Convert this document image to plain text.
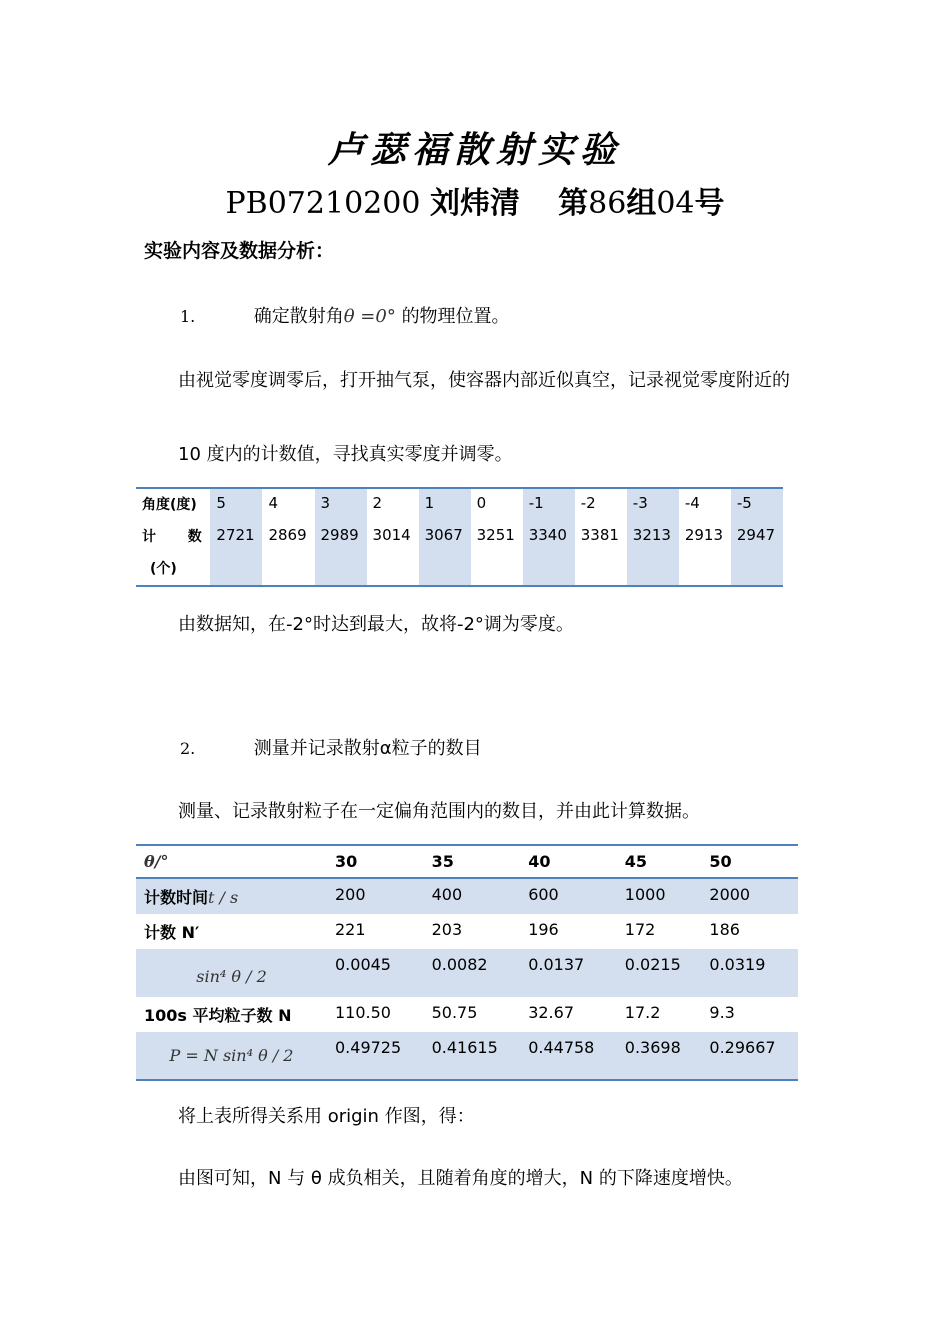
卢瑟福散射实验
PB07210200 刘炜清 第86组04号
实验内容及数据分析：
1.	确定散射角θ =0° 的物理位置。
由视觉零度调零后，打开抽气泵，使容器内部近似真空，记录视觉零度附近的
10 度内的计数值，寻找真实零度并调零。
角度(度)	5	4	3	2	1	0	-1	-2	-3	-4	-5
计 数	2721	2869	2989	3014	3067	3251	3340	3381	3213	2913	2947
(个)											
由数据知，在-2°时达到最大，故将-2°调为零度。
2.	测量并记录散射α粒子的数目
测量、记录散射粒子在一定偏角范围内的数目，并由此计算数据。
θ/°	30	35	40	45	50
计数时间t / s	200	400	600	1000	2000
计数 N′	221	203	196	172	186
sin⁴ θ / 2	0.0045	0.0082	0.0137	0.0215	0.0319
100s 平均粒子数 N	110.50	50.75	32.67	17.2	9.3
P = N sin⁴ θ / 2	0.49725	0.41615	0.44758	0.3698	0.29667
将上表所得关系用 origin 作图，得：
由图可知，N 与 θ 成负相关，且随着角度的增大，N 的下降速度增快。
